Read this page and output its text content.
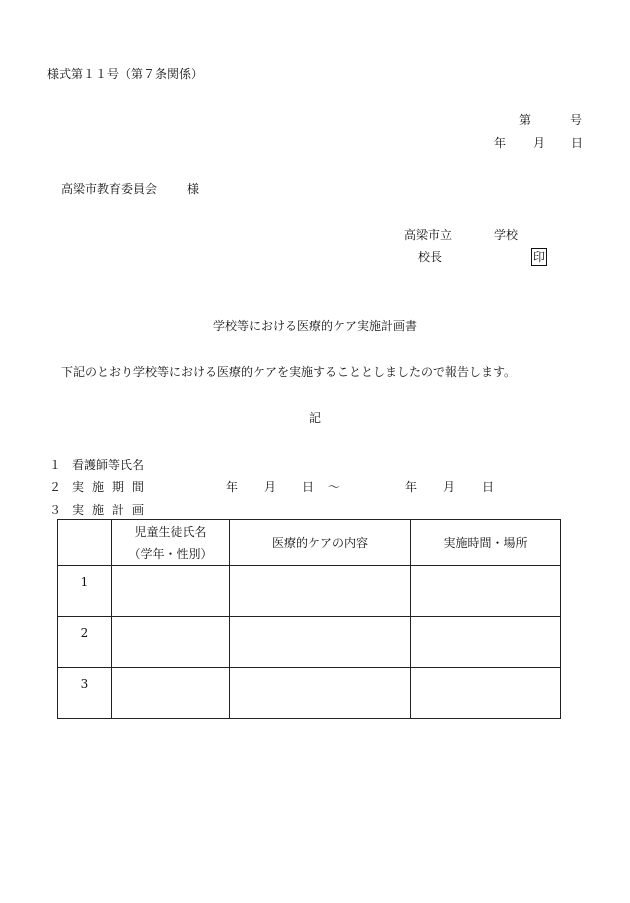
様式第１１号（第７条関係）
第	号
年 月 日
高梁市教育委員会 様
高梁市立	学校
校長	印
学校等における医療的ケア実施計画書
下記のとおり学校等における医療的ケアを実施することとしましたので報告します。
記
１ 看護師等氏名
２ 実施期間	年 月 日 ～	年 月 日
３ 実施計画

	児童生徒氏名
（学年・性別）	医療的ケアの内容	実施時間・場所
1			
2			
3			
